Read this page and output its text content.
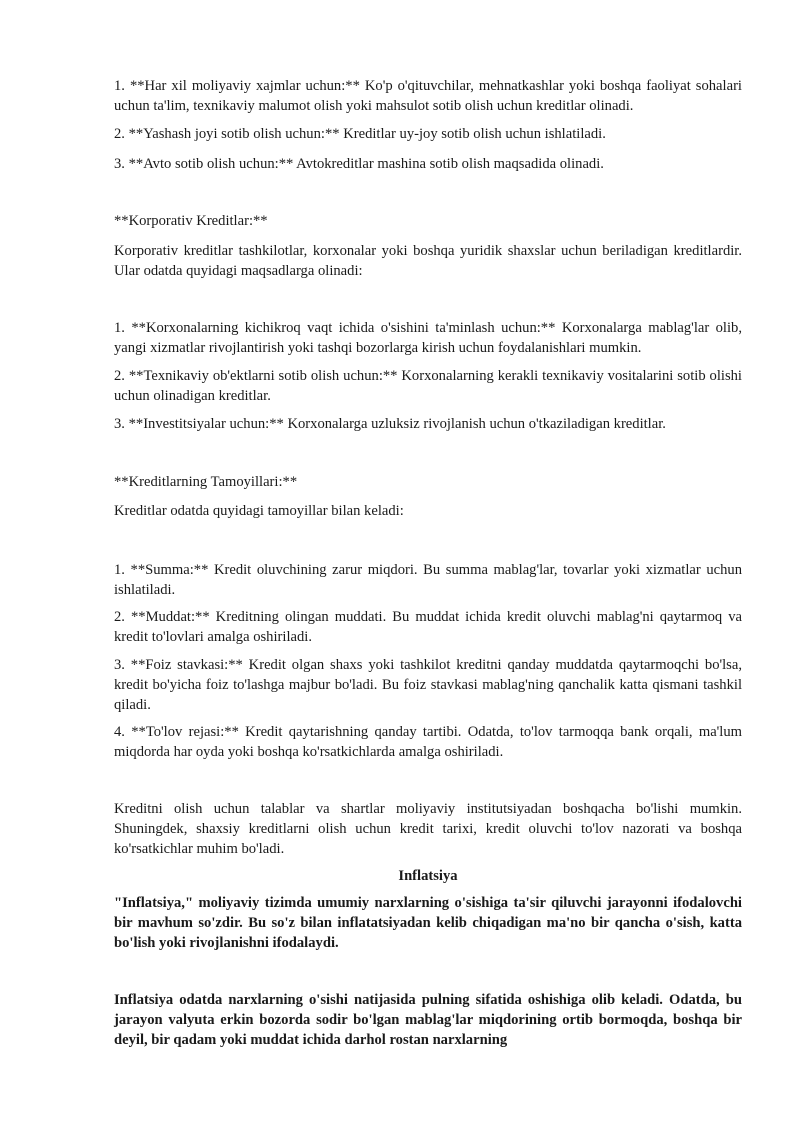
1. **Har xil moliyaviy xajmlar uchun:** Ko'p o'qituvchilar, mehnatkashlar yoki boshqa faoliyat sohalari uchun ta'lim, texnikaviy malumot olish yoki mahsulot sotib olish uchun kreditlar olinadi.

2. **Yashash joyi sotib olish uchun:** Kreditlar uy-joy sotib olish uchun ishlatiladi.

3. **Avto sotib olish uchun:** Avtokreditlar mashina sotib olish maqsadida olinadi.

**Korporativ Kreditlar:**

Korporativ kreditlar tashkilotlar, korxonalar yoki boshqa yuridik shaxslar uchun beriladigan kreditlardir. Ular odatda quyidagi maqsadlarga olinadi:

1. **Korxonalarning kichikroq vaqt ichida o'sishini ta'minlash uchun:** Korxonalarga mablag'lar olib, yangi xizmatlar rivojlantirish yoki tashqi bozorlarga kirish uchun foydalanishlari mumkin.

2. **Texnikaviy ob'ektlarni sotib olish uchun:** Korxonalarning kerakli texnikaviy vositalarini sotib olishi uchun olinadigan kreditlar.

3. **Investitsiyalar uchun:** Korxonalarga uzluksiz rivojlanish uchun o'tkaziladigan kreditlar.

**Kreditlarning Tamoyillari:**

Kreditlar odatda quyidagi tamoyillar bilan keladi:

1. **Summa:** Kredit oluvchining zarur miqdori. Bu summa mablag'lar, tovarlar yoki xizmatlar uchun ishlatiladi.

2. **Muddat:** Kreditning olingan muddati. Bu muddat ichida kredit oluvchi mablag'ni qaytarmoq va kredit to'lovlari amalga oshiriladi.

3. **Foiz stavkasi:** Kredit olgan shaxs yoki tashkilot kreditni qanday muddatda qaytarmoqchi bo'lsa, kredit bo'yicha foiz to'lashga majbur bo'ladi. Bu foiz stavkasi mablag'ning qanchalik katta qismani tashkil qiladi.

4. **To'lov rejasi:** Kredit qaytarishning qanday tartibi. Odatda, to'lov tarmoqqa bank orqali, ma'lum miqdorda har oyda yoki boshqa ko'rsatkichlarda amalga oshiriladi.

Kreditni olish uchun talablar va shartlar moliyaviy institutsiyadan boshqacha bo'lishi mumkin. Shuningdek, shaxsiy kreditlarni olish uchun kredit tarixi, kredit oluvchi to'lov nazorati va boshqa ko'rsatkichlar muhim bo'ladi.

Inflatsiya

"Inflatsiya," moliyaviy tizimda umumiy narxlarning o'sishiga ta'sir qiluvchi jarayonni ifodalovchi bir mavhum so'zdir. Bu so'z bilan inflatatsiyadan kelib chiqadigan ma'no bir qancha o'sish, katta bo'lish yoki rivojlanishni ifodalaydi.

Inflatsiya odatda narxlarning o'sishi natijasida pulning sifatida oshishiga olib keladi. Odatda, bu jarayon valyuta erkin bozorda sodir bo'lgan mablag'lar miqdorining ortib bormoqda, boshqa bir deyil, bir qadam yoki muddat ichida darhol rostan narxlarning
